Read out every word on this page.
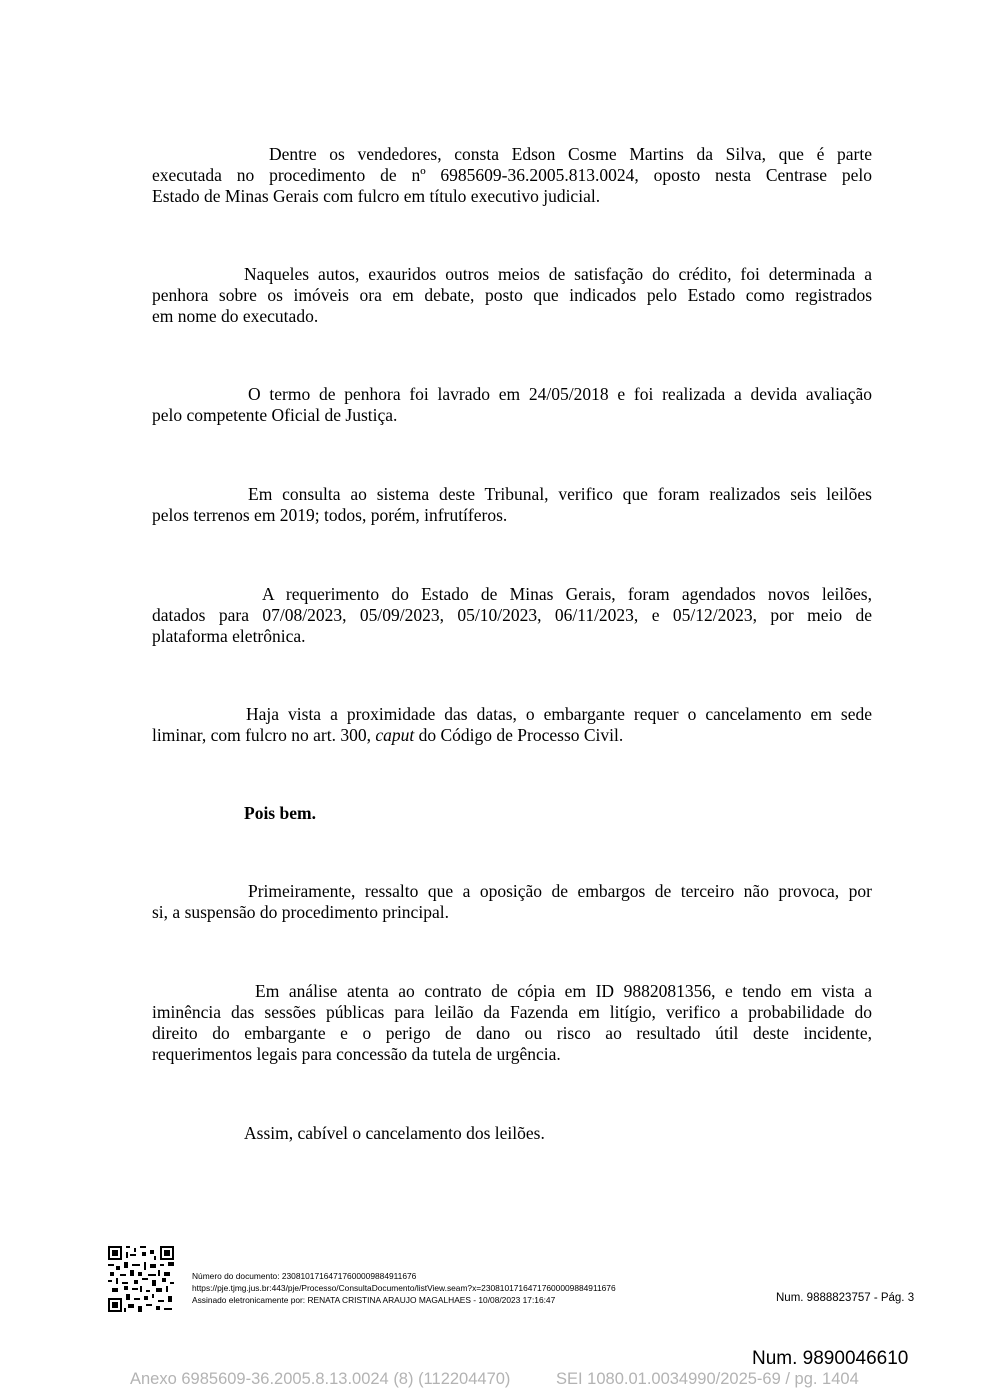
Dentre os vendedores, consta Edson Cosme Martins da Silva, que é parte
executada no procedimento de nº 6985609-36.2005.813.0024, oposto nesta Centrase pelo
Estado de Minas Gerais com fulcro em título executivo judicial.
Naqueles autos, exauridos outros meios de satisfação do crédito, foi determinada a
penhora sobre os imóveis ora em debate, posto que indicados pelo Estado como registrados
em nome do executado.
O termo de penhora foi lavrado em 24/05/2018 e foi realizada a devida avaliação
pelo competente Oficial de Justiça.
Em consulta ao sistema deste Tribunal, verifico que foram realizados seis leilões
pelos terrenos em 2019; todos, porém, infrutíferos.
A requerimento do Estado de Minas Gerais, foram agendados novos leilões,
datados para 07/08/2023, 05/09/2023, 05/10/2023, 06/11/2023, e 05/12/2023, por meio de
plataforma eletrônica.
Haja vista a proximidade das datas, o embargante requer o cancelamento em sede
liminar, com fulcro no art. 300, caput do Código de Processo Civil.
Pois bem.
Primeiramente, ressalto que a oposição de embargos de terceiro não provoca, por
si, a suspensão do procedimento principal.
Em análise atenta ao contrato de cópia em ID 9882081356, e tendo em vista a
iminência das sessões públicas para leilão da Fazenda em litígio, verifico a probabilidade do
direito do embargante e o perigo de dano ou risco ao resultado útil deste incidente,
requerimentos legais para concessão da tutela de urgência.
Assim, cabível o cancelamento dos leilões.
Número do documento: 23081017164717600009884911676
https://pje.tjmg.jus.br:443/pje/Processo/ConsultaDocumento/listView.seam?x=23081017164717600009884911676
Assinado eletronicamente por: RENATA CRISTINA ARAUJO MAGALHAES - 10/08/2023 17:16:47	Num. 9888823757 - Pág. 3
Num. 9890046610
Anexo 6985609-36.2005.8.13.0024 (8) (112204470)	SEI 1080.01.0034990/2025-69 / pg. 1404
